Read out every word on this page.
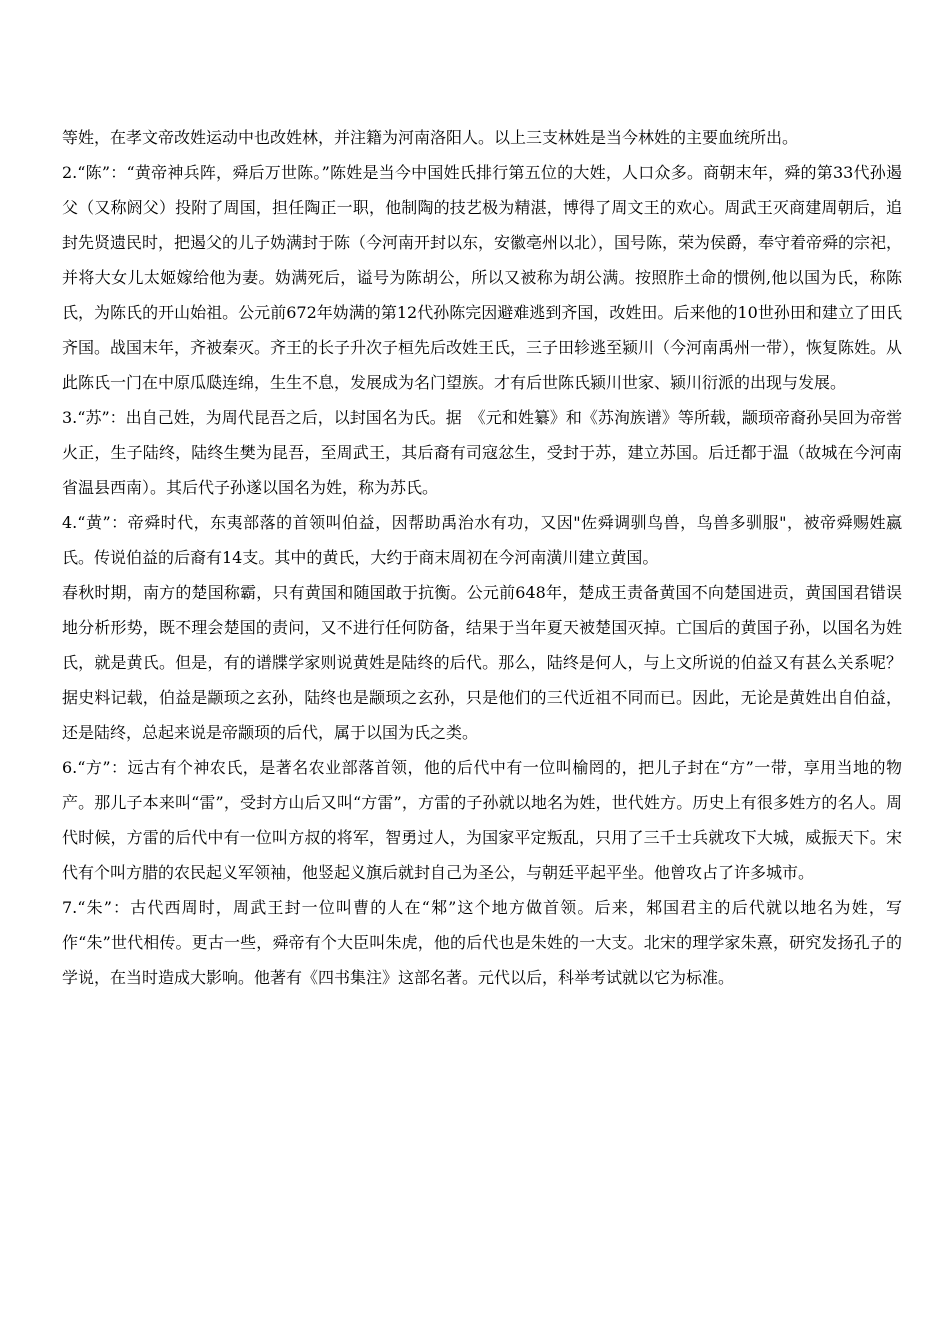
等姓，在孝文帝改姓运动中也改姓林，并注籍为河南洛阳人。以上三支林姓是当今林姓的主要血统所出。

2.“陈”：“黄帝神兵阵，舜后万世陈。”陈姓是当今中国姓氏排行第五位的大姓，人口众多。商朝末年，舜的第33代孙遏父（又称阏父）投附了周国，担任陶正一职，他制陶的技艺极为精湛，博得了周文王的欢心。周武王灭商建周朝后，追封先贤遗民时，把遏父的儿子妫满封于陈（今河南开封以东，安徽亳州以北），国号陈，荣为侯爵，奉守着帝舜的宗祀，并将大女儿太姬嫁给他为妻。妫满死后，谥号为陈胡公，所以又被称为胡公满。按照胙土命的惯例,他以国为氏，称陈氏，为陈氏的开山始祖。公元前672年妫满的第12代孙陈完因避难逃到齐国，改姓田。后来他的10世孙田和建立了田氏齐国。战国末年，齐被秦灭。齐王的长子升次子桓先后改姓王氏，三子田轸逃至颍川（今河南禹州一带），恢复陈姓。从此陈氏一门在中原瓜瓞连绵，生生不息，发展成为名门望族。才有后世陈氏颍川世家、颍川衍派的出现与发展。

3.“苏”：出自己姓，为周代昆吾之后，以封国名为氏。据　《元和姓纂》和《苏洵族谱》等所载，颛顼帝裔孙吴回为帝喾火正，生子陆终，陆终生樊为昆吾，至周武王，其后裔有司寇忿生，受封于苏，建立苏国。后迁都于温（故城在今河南省温县西南）。其后代子孙遂以国名为姓，称为苏氏。

4.“黄”：帝舜时代，东夷部落的首领叫伯益，因帮助禹治水有功，又因"佐舜调驯鸟兽，鸟兽多驯服"，被帝舜赐姓嬴氏。传说伯益的后裔有14支。其中的黄氏，大约于商末周初在今河南潢川建立黄国。

春秋时期，南方的楚国称霸，只有黄国和随国敢于抗衡。公元前648年，楚成王责备黄国不向楚国进贡，黄国国君错误地分析形势，既不理会楚国的责问，又不进行任何防备，结果于当年夏天被楚国灭掉。亡国后的黄国子孙，以国名为姓氏，就是黄氏。但是，有的谱牒学家则说黄姓是陆终的后代。那么，陆终是何人，与上文所说的伯益又有甚么关系呢？据史料记载，伯益是颛顼之玄孙，陆终也是颛顼之玄孙，只是他们的三代近祖不同而已。因此，无论是黄姓出自伯益，还是陆终，总起来说是帝颛顼的后代，属于以国为氏之类。

6.“方”：远古有个神农氏，是著名农业部落首领，他的后代中有一位叫榆罔的，把儿子封在“方”一带，享用当地的物产。那儿子本来叫“雷”，受封方山后又叫“方雷”，方雷的子孙就以地名为姓，世代姓方。历史上有很多姓方的名人。周代时候，方雷的后代中有一位叫方叔的将军，智勇过人，为国家平定叛乱，只用了三千士兵就攻下大城，威振天下。宋代有个叫方腊的农民起义军领袖，他竖起义旗后就封自己为圣公，与朝廷平起平坐。他曾攻占了许多城市。

7.“朱”：古代西周时，周武王封一位叫曹的人在“邾”这个地方做首领。后来，邾国君主的后代就以地名为姓，写作“朱”世代相传。更古一些，舜帝有个大臣叫朱虎，他的后代也是朱姓的一大支。北宋的理学家朱熹，研究发扬孔子的学说，在当时造成大影响。他著有《四书集注》这部名著。元代以后，科举考试就以它为标准。
